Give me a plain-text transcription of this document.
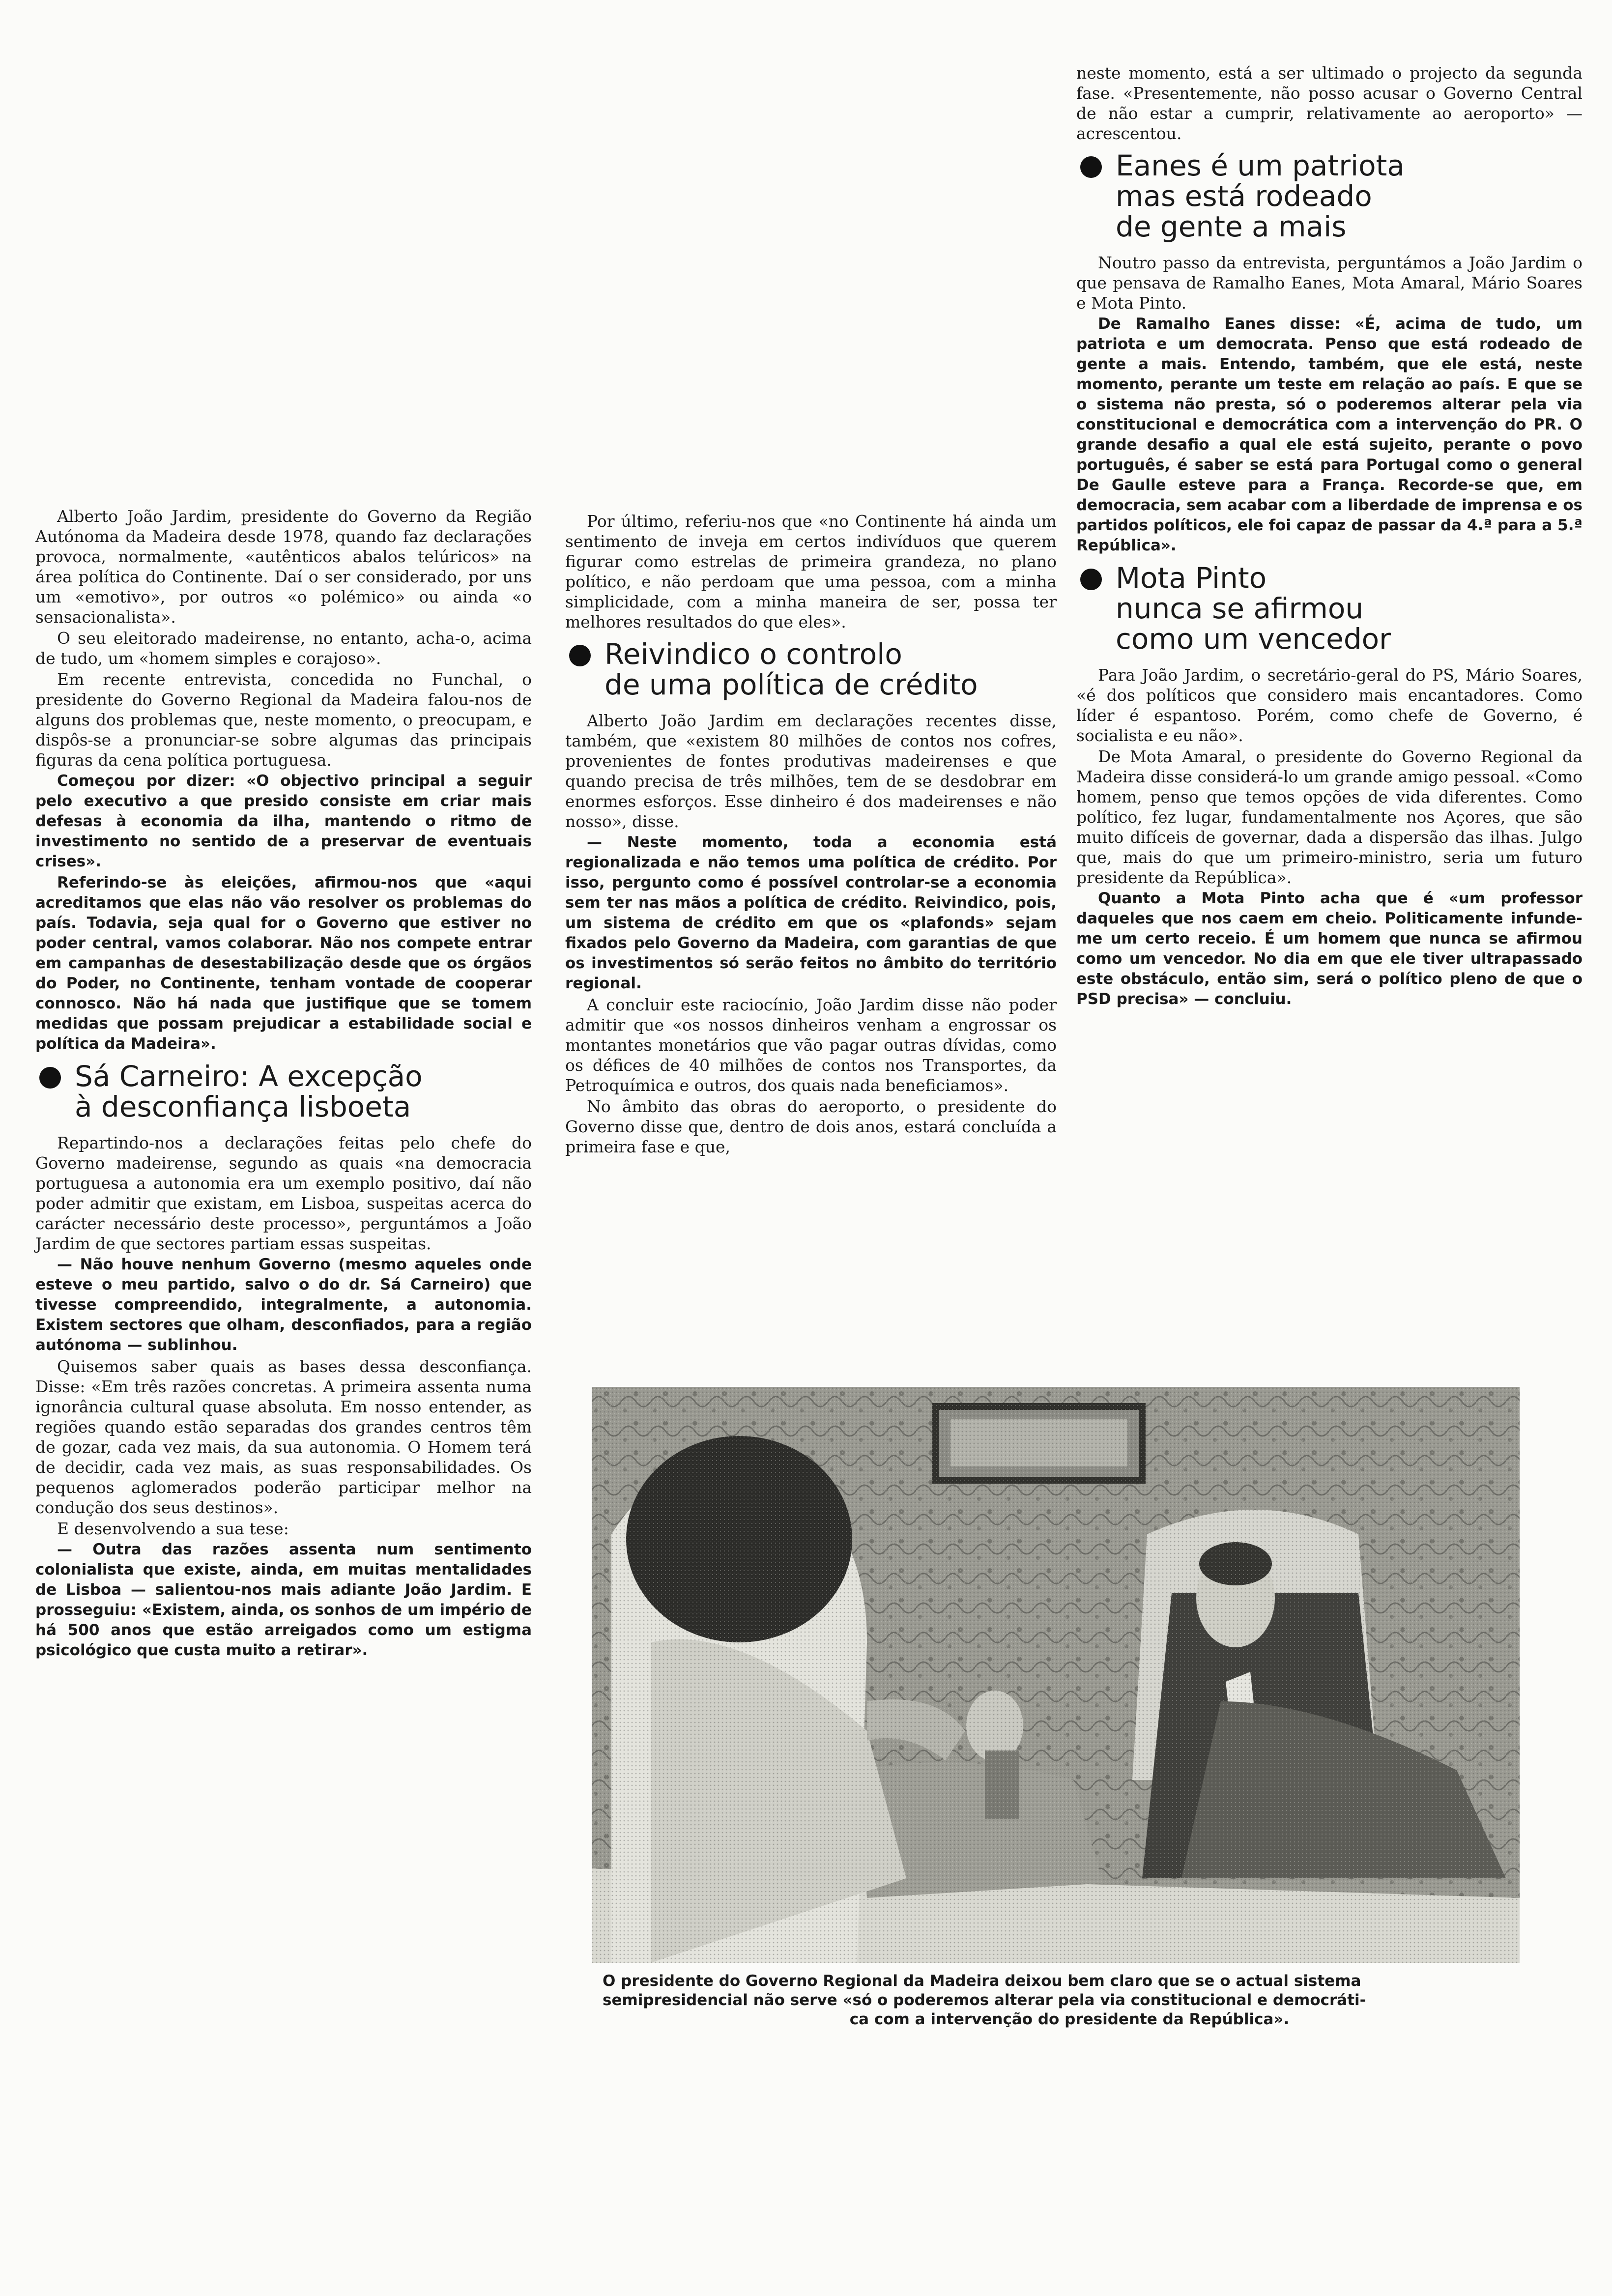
neste momento, está a ser ultimado o projecto da segunda fase. «Presentemente, não posso acusar o Governo Central de não estar a cumprir, relativamente ao aeroporto» — acrescentou.

Eanes é um patriota
mas está rodeado
de gente a mais

Noutro passo da entrevista, perguntámos a João Jardim o que pensava de Ramalho Eanes, Mota Amaral, Mário Soares e Mota Pinto.

De Ramalho Eanes disse: «É, acima de tudo, um patriota e um democrata. Penso que está rodeado de gente a mais. Entendo, também, que ele está, neste momento, perante um teste em relação ao país. E que se o sistema não presta, só o poderemos alterar pela via constitucional e democrática com a intervenção do PR. O grande desafio a qual ele está sujeito, perante o povo português, é saber se está para Portugal como o general De Gaulle esteve para a França. Recorde-se que, em democracia, sem acabar com a liberdade de imprensa e os partidos políticos, ele foi capaz de passar da 4.ª para a 5.ª República».

Mota Pinto
nunca se afirmou
como um vencedor

Para João Jardim, o secretário-geral do PS, Mário Soares, «é dos políticos que considero mais encantadores. Como líder é espantoso. Porém, como chefe de Governo, é socialista e eu não».

De Mota Amaral, o presidente do Governo Regional da Madeira disse considerá-lo um grande amigo pessoal. «Como homem, penso que temos opções de vida diferentes. Como político, fez lugar, fundamentalmente nos Açores, que são muito difíceis de governar, dada a dispersão das ilhas. Julgo que, mais do que um primeiro-ministro, seria um futuro presidente da República».

Quanto a Mota Pinto acha que é «um professor daqueles que nos caem em cheio. Politicamente infunde-me um certo receio. É um homem que nunca se afirmou como um vencedor. No dia em que ele tiver ultrapassado este obstáculo, então sim, será o político pleno de que o PSD precisa» — concluiu.

Alberto João Jardim, presidente do Governo da Região Autónoma da Madeira desde 1978, quando faz declarações provoca, normalmente, «autênticos abalos telúricos» na área política do Continente. Daí o ser considerado, por uns um «emotivo», por outros «o polémico» ou ainda «o sensacionalista».

O seu eleitorado madeirense, no entanto, acha-o, acima de tudo, um «homem simples e corajoso».

Em recente entrevista, concedida no Funchal, o presidente do Governo Regional da Madeira falou-nos de alguns dos problemas que, neste momento, o preocupam, e dispôs-se a pronunciar-se sobre algumas das principais figuras da cena política portuguesa.

Começou por dizer: «O objectivo principal a seguir pelo executivo a que presido consiste em criar mais defesas à economia da ilha, mantendo o ritmo de investimento no sentido de a preservar de eventuais crises».

Referindo-se às eleições, afirmou-nos que «aqui acreditamos que elas não vão resolver os problemas do país. Todavia, seja qual for o Governo que estiver no poder central, vamos colaborar. Não nos compete entrar em campanhas de desestabilização desde que os órgãos do Poder, no Continente, tenham vontade de cooperar connosco. Não há nada que justifique que se tomem medidas que possam prejudicar a estabilidade social e política da Madeira».

Sá Carneiro: A excepção
à desconfiança lisboeta

Repartindo-nos a declarações feitas pelo chefe do Governo madeirense, segundo as quais «na democracia portuguesa a autonomia era um exemplo positivo, daí não poder admitir que existam, em Lisboa, suspeitas acerca do carácter necessário deste processo», perguntámos a João Jardim de que sectores partiam essas suspeitas.

— Não houve nenhum Governo (mesmo aqueles onde esteve o meu partido, salvo o do dr. Sá Carneiro) que tivesse compreendido, integralmente, a autonomia. Existem sectores que olham, desconfiados, para a região autónoma — sublinhou.

Quisemos saber quais as bases dessa desconfiança. Disse: «Em três razões concretas. A primeira assenta numa ignorância cultural quase absoluta. Em nosso entender, as regiões quando estão separadas dos grandes centros têm de gozar, cada vez mais, da sua autonomia. O Homem terá de decidir, cada vez mais, as suas responsabilidades. Os pequenos aglomerados poderão participar melhor na condução dos seus destinos».

E desenvolvendo a sua tese:

— Outra das razões assenta num sentimento colonialista que existe, ainda, em muitas mentalidades de Lisboa — salientou-nos mais adiante João Jardim. E prosseguiu: «Existem, ainda, os sonhos de um império de há 500 anos que estão arreigados como um estigma psicológico que custa muito a retirar».

Por último, referiu-nos que «no Continente há ainda um sentimento de inveja em certos indivíduos que querem figurar como estrelas de primeira grandeza, no plano político, e não perdoam que uma pessoa, com a minha simplicidade, com a minha maneira de ser, possa ter melhores resultados do que eles».

Reivindico o controlo
de uma política de crédito

Alberto João Jardim em declarações recentes disse, também, que «existem 80 milhões de contos nos cofres, provenientes de fontes produtivas madeirenses e que quando precisa de três milhões, tem de se desdobrar em enormes esforços. Esse dinheiro é dos madeirenses e não nosso», disse.

— Neste momento, toda a economia está regionalizada e não temos uma política de crédito. Por isso, pergunto como é possível controlar-se a economia sem ter nas mãos a política de crédito. Reivindico, pois, um sistema de crédito em que os «plafonds» sejam fixados pelo Governo da Madeira, com garantias de que os investimentos só serão feitos no âmbito do território regional.

A concluir este raciocínio, João Jardim disse não poder admitir que «os nossos dinheiros venham a engrossar os montantes monetários que vão pagar outras dívidas, como os défices de 40 milhões de contos nos Transportes, da Petroquímica e outros, dos quais nada beneficiamos».

No âmbito das obras do aeroporto, o presidente do Governo disse que, dentro de dois anos, estará concluída a primeira fase e que,

O presidente do Governo Regional da Madeira deixou bem claro que se o actual sistema
semipresidencial não serve «só o poderemos alterar pela via constitucional e democráti-
ca com a intervenção do presidente da República».
